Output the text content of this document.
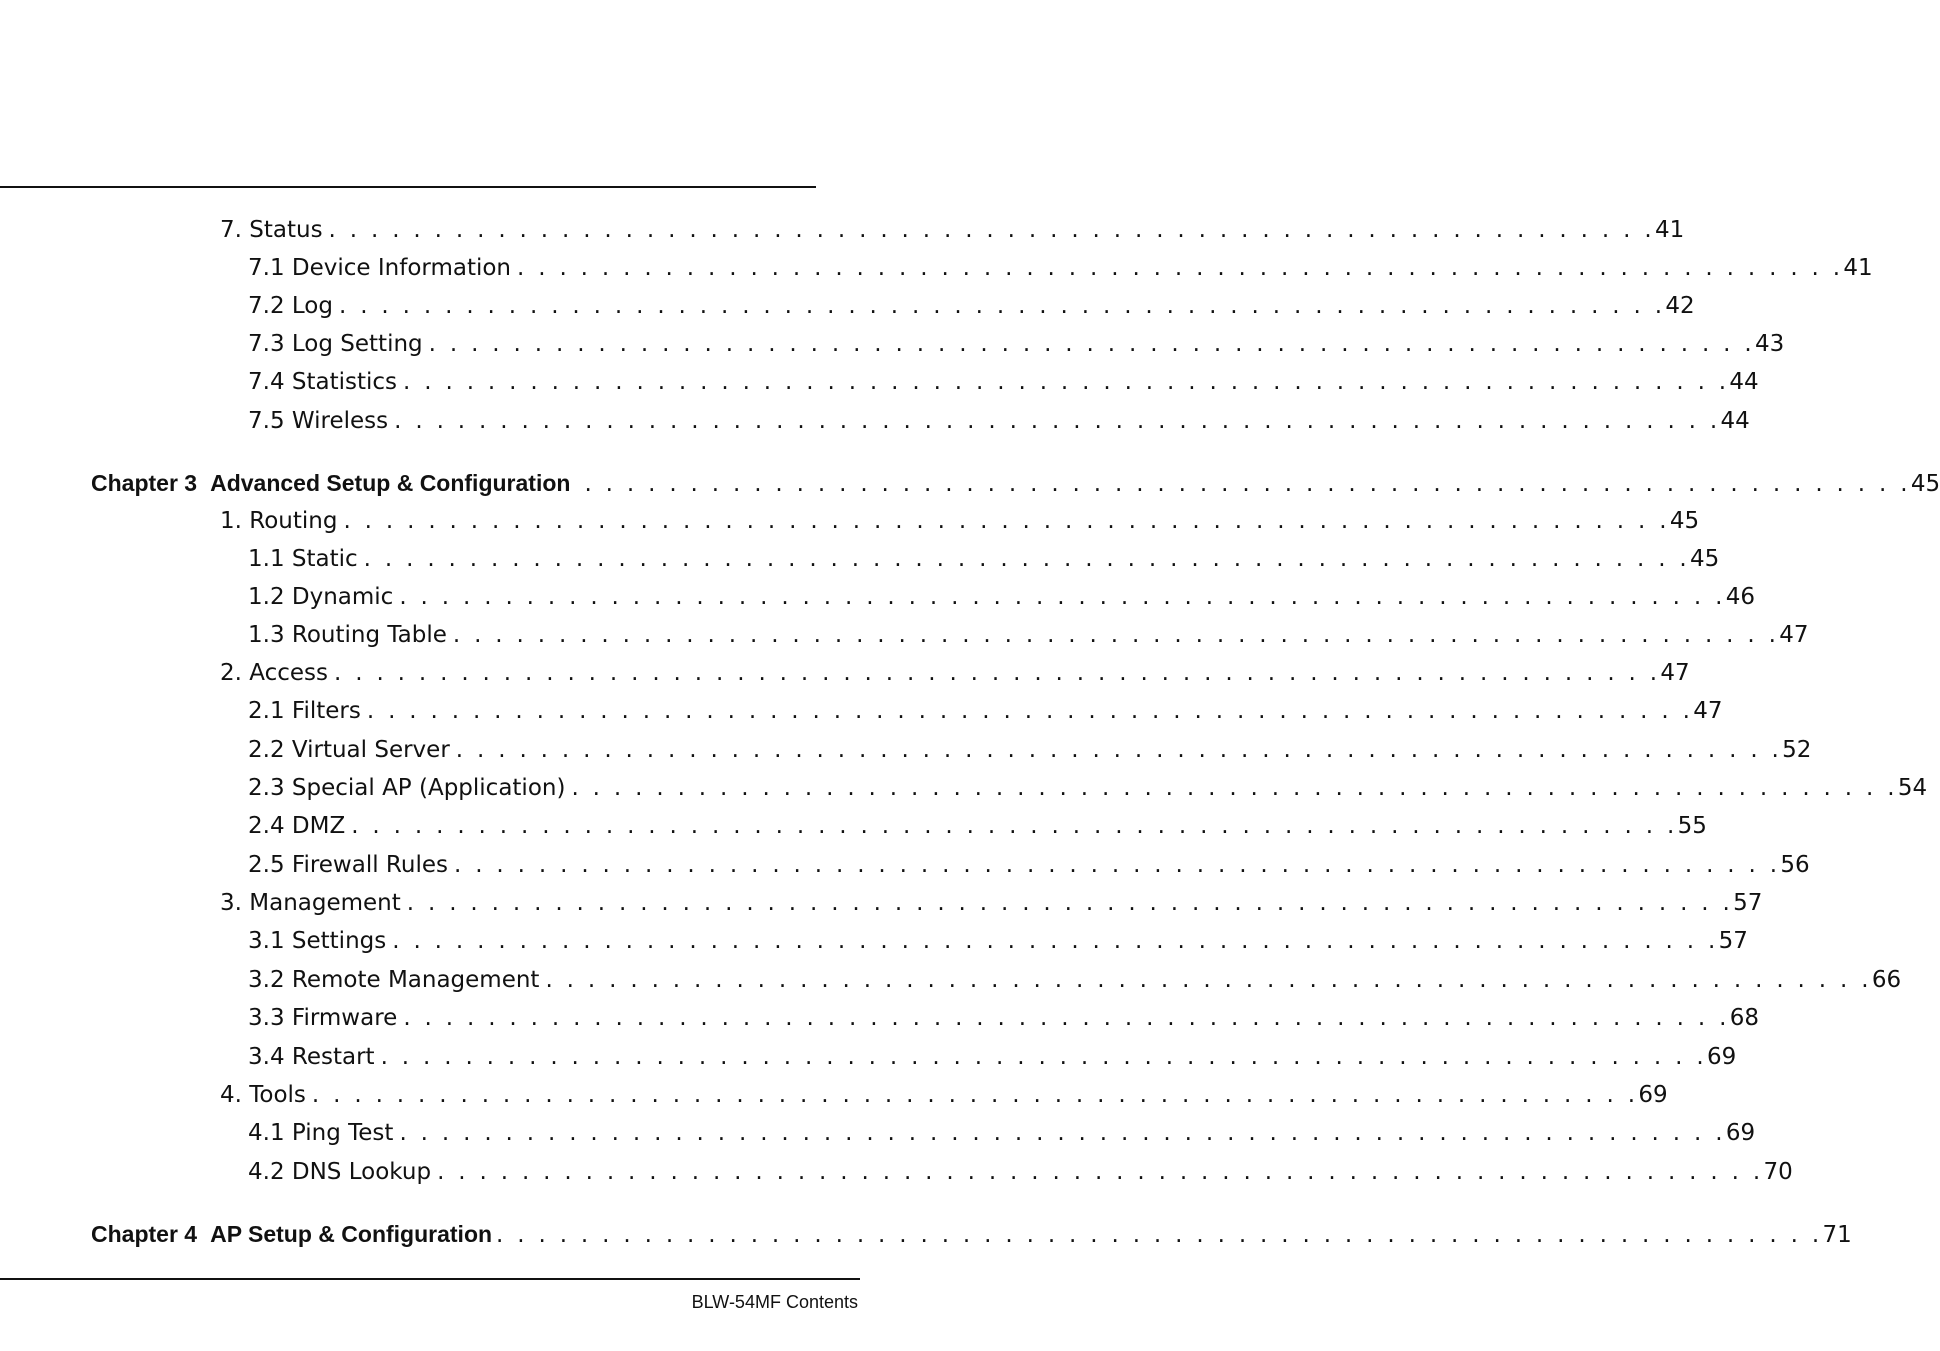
7. Status . . . . . . . . . . . . . . . . . . . . . . . . . . . . . . . . . . . . . . . . . . . . . . . . . . . . . . . . . . . . . . . 41
7.1 Device Information . . . . . . . . . . . . . . . . . . . . . . . . . . . . . . . . . . . . . . . . . . . . . . . . . . . . . . . . . . . . . . . 41
7.2 Log . . . . . . . . . . . . . . . . . . . . . . . . . . . . . . . . . . . . . . . . . . . . . . . . . . . . . . . . . . . . . . . 42
7.3 Log Setting . . . . . . . . . . . . . . . . . . . . . . . . . . . . . . . . . . . . . . . . . . . . . . . . . . . . . . . . . . . . . . . 43
7.4 Statistics . . . . . . . . . . . . . . . . . . . . . . . . . . . . . . . . . . . . . . . . . . . . . . . . . . . . . . . . . . . . . . . 44
7.5 Wireless . . . . . . . . . . . . . . . . . . . . . . . . . . . . . . . . . . . . . . . . . . . . . . . . . . . . . . . . . . . . . . . 44
Chapter 3 Advanced Setup & Configuration . . . . . . . . . . . . . . . . . . . . . . . . . . . . . . . . . . . . . . . . . . . . . . . . . . . . . . . . . . . . . . . 45
1. Routing . . . . . . . . . . . . . . . . . . . . . . . . . . . . . . . . . . . . . . . . . . . . . . . . . . . . . . . . . . . . . . . 45
1.1 Static . . . . . . . . . . . . . . . . . . . . . . . . . . . . . . . . . . . . . . . . . . . . . . . . . . . . . . . . . . . . . . . 45
1.2 Dynamic . . . . . . . . . . . . . . . . . . . . . . . . . . . . . . . . . . . . . . . . . . . . . . . . . . . . . . . . . . . . . . . 46
1.3 Routing Table . . . . . . . . . . . . . . . . . . . . . . . . . . . . . . . . . . . . . . . . . . . . . . . . . . . . . . . . . . . . . . . 47
2. Access . . . . . . . . . . . . . . . . . . . . . . . . . . . . . . . . . . . . . . . . . . . . . . . . . . . . . . . . . . . . . . . 47
2.1 Filters . . . . . . . . . . . . . . . . . . . . . . . . . . . . . . . . . . . . . . . . . . . . . . . . . . . . . . . . . . . . . . . 47
2.2 Virtual Server . . . . . . . . . . . . . . . . . . . . . . . . . . . . . . . . . . . . . . . . . . . . . . . . . . . . . . . . . . . . . . . 52
2.3 Special AP (Application) . . . . . . . . . . . . . . . . . . . . . . . . . . . . . . . . . . . . . . . . . . . . . . . . . . . . . . . . . . . . . . . 54
2.4 DMZ . . . . . . . . . . . . . . . . . . . . . . . . . . . . . . . . . . . . . . . . . . . . . . . . . . . . . . . . . . . . . . . 55
2.5 Firewall Rules . . . . . . . . . . . . . . . . . . . . . . . . . . . . . . . . . . . . . . . . . . . . . . . . . . . . . . . . . . . . . . . 56
3. Management . . . . . . . . . . . . . . . . . . . . . . . . . . . . . . . . . . . . . . . . . . . . . . . . . . . . . . . . . . . . . . . 57
3.1 Settings . . . . . . . . . . . . . . . . . . . . . . . . . . . . . . . . . . . . . . . . . . . . . . . . . . . . . . . . . . . . . . . 57
3.2 Remote Management . . . . . . . . . . . . . . . . . . . . . . . . . . . . . . . . . . . . . . . . . . . . . . . . . . . . . . . . . . . . . . . 66
3.3 Firmware . . . . . . . . . . . . . . . . . . . . . . . . . . . . . . . . . . . . . . . . . . . . . . . . . . . . . . . . . . . . . . . 68
3.4 Restart . . . . . . . . . . . . . . . . . . . . . . . . . . . . . . . . . . . . . . . . . . . . . . . . . . . . . . . . . . . . . . . 69
4. Tools . . . . . . . . . . . . . . . . . . . . . . . . . . . . . . . . . . . . . . . . . . . . . . . . . . . . . . . . . . . . . . . 69
4.1 Ping Test . . . . . . . . . . . . . . . . . . . . . . . . . . . . . . . . . . . . . . . . . . . . . . . . . . . . . . . . . . . . . . . 69
4.2 DNS Lookup . . . . . . . . . . . . . . . . . . . . . . . . . . . . . . . . . . . . . . . . . . . . . . . . . . . . . . . . . . . . . . . 70
Chapter 4 AP Setup & Configuration . . . . . . . . . . . . . . . . . . . . . . . . . . . . . . . . . . . . . . . . . . . . . . . . . . . . . . . . . . . . . . . 71
BLW-54MF Contents
